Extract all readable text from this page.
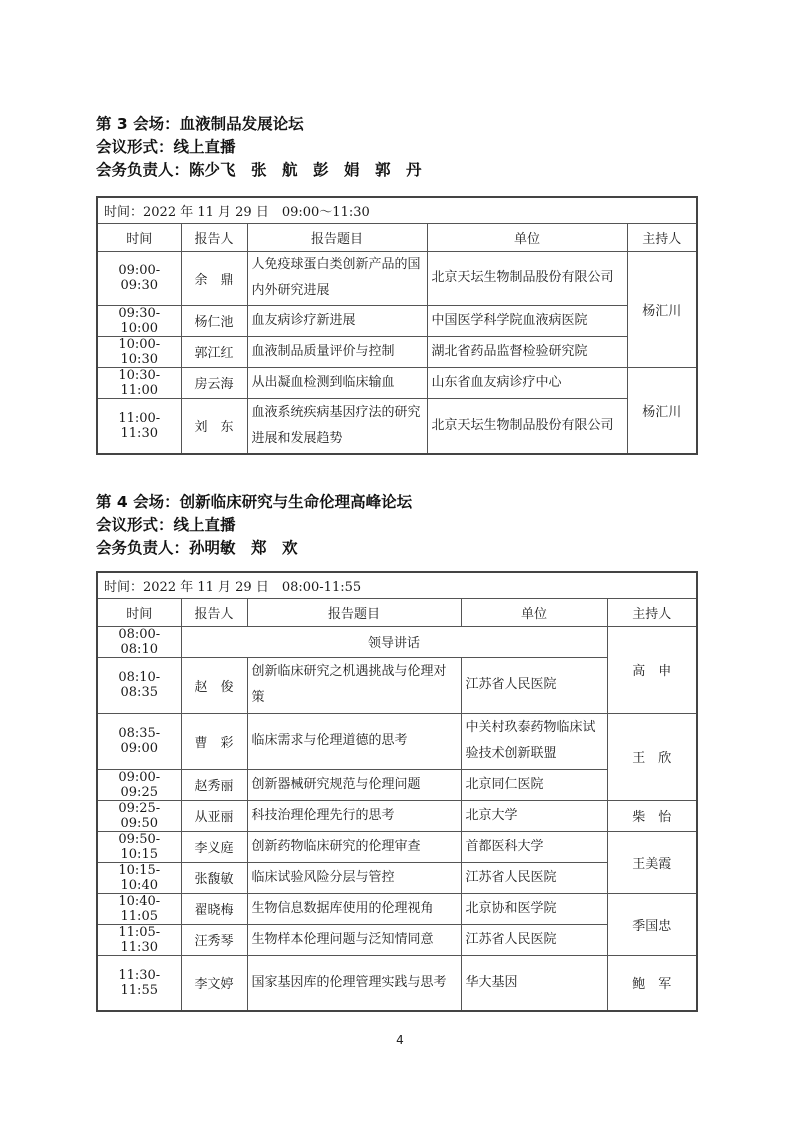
第 3 会场：血液制品发展论坛
会议形式：线上直播
会务负责人：陈少飞　张　航　彭　娟　郭　丹
时间：2022 年 11 月 29 日　09:00～11:30				
时间	报告人	报告题目	单位	主持人
09:00-09:30	余　鼎	人免疫球蛋白类创新产品的国内外研究进展	北京天坛生物制品股份有限公司	杨汇川
09:30-10:00	杨仁池	血友病诊疗新进展	中国医学科学院血液病医院	
10:00-10:30	郭江红	血液制品质量评价与控制	湖北省药品监督检验研究院	
10:30-11:00	房云海	从出凝血检测到临床输血	山东省血友病诊疗中心	杨汇川
11:00-11:30	刘　东	血液系统疾病基因疗法的研究进展和发展趋势	北京天坛生物制品股份有限公司	
第 4 会场：创新临床研究与生命伦理高峰论坛
会议形式：线上直播
会务负责人：孙明敏　郑　欢
时间：2022 年 11 月 29 日　08:00-11:55				
时间	报告人	报告题目	单位	主持人
08:00-08:10	领导讲话			高　申
08:10-08:35	赵　俊	创新临床研究之机遇挑战与伦理对策	江苏省人民医院	
08:35-09:00	曹　彩	临床需求与伦理道德的思考	中关村玖泰药物临床试验技术创新联盟	王　欣
09:00-09:25	赵秀丽	创新器械研究规范与伦理问题	北京同仁医院	
09:25-09:50	从亚丽	科技治理伦理先行的思考	北京大学	柴　怡
09:50-10:15	李义庭	创新药物临床研究的伦理审查	首都医科大学	王美霞
10:15-10:40	张馥敏	临床试验风险分层与管控	江苏省人民医院	
10:40-11:05	翟晓梅	生物信息数据库使用的伦理视角	北京协和医学院	季国忠
11:05-11:30	汪秀琴	生物样本伦理问题与泛知情同意	江苏省人民医院	
11:30-11:55	李文婷	国家基因库的伦理管理实践与思考	华大基因	鲍　军
4
